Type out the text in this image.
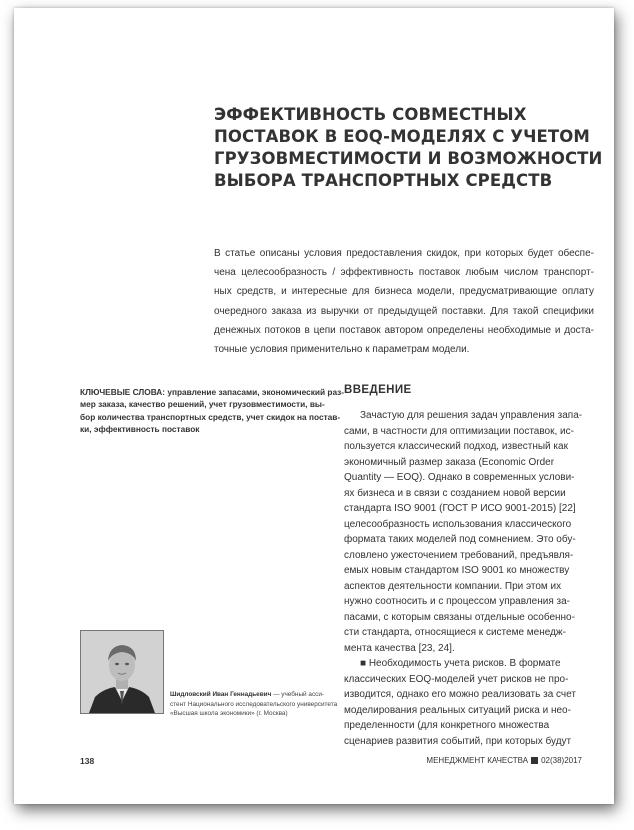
ЭФФЕКТИВНОСТЬ СОВМЕСТНЫХ
ПОСТАВОК В EOQ-МОДЕЛЯХ С УЧЕТОМ
ГРУЗОВМЕСТИМОСТИ И ВОЗМОЖНОСТИ
ВЫБОРА ТРАНСПОРТНЫХ СРЕДСТВ
В статье описаны условия предоставления скидок, при которых будет обеспе-
чена целесообразность / эффективность поставок любым числом транспорт-
ных средств, и интересные для бизнеса модели, предусматривающие оплату
очередного заказа из выручки от предыдущей поставки. Для такой специфики
денежных потоков в цепи поставок автором определены необходимые и доста-
точные условия применительно к параметрам модели.
КЛЮЧЕВЫЕ СЛОВА: управление запасами, экономический раз-
мер заказа, качество решений, учет грузовместимости, вы-
бор количества транспортных средств, учет скидок на постав-
ки, эффективность поставок
ВВЕДЕНИЕ
Зачастую для решения задач управления запа-
сами, в частности для оптимизации поставок, ис-
пользуется классический подход, известный как
экономичный размер заказа (Economic Order
Quantity — EOQ). Однако в современных услови-
ях бизнеса и в связи с созданием новой версии
стандарта ISO 9001 (ГОСТ Р ИСО 9001-2015) [22]
целесообразность использования классического
формата таких моделей под сомнением. Это обу-
словлено ужесточением требований, предъявля-
емых новым стандартом ISO 9001 ко множеству
аспектов деятельности компании. При этом их
нужно соотносить и с процессом управления за-
пасами, с которым связаны отдельные особенно-
сти стандарта, относящиеся к системе менедж-
мента качества [23, 24].
■ Необходимость учета рисков. В формате
классических EOQ-моделей учет рисков не про-
изводится, однако его можно реализовать за счет
моделирования реальных ситуаций риска и нео-
пределенности (для конкретного множества
сценариев развития событий, при которых будут
Шидловский Иван Геннадьевич — учебный асси-
стент Национального исследовательского университета
«Высшая школа экономики» (г. Москва)
138	МЕНЕДЖМЕНТ КАЧЕСТВА 02(38)2017
